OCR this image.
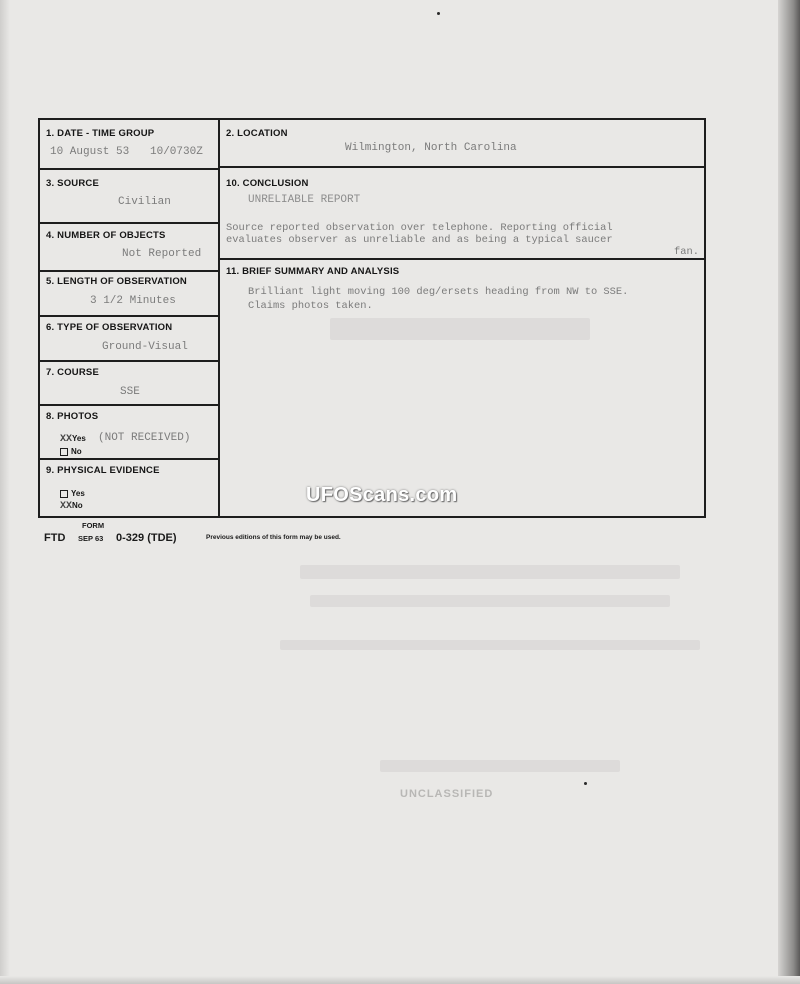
1. DATE - TIME GROUP
10 August 53 10/0730Z
2. LOCATION
Wilmington, North Carolina
3. SOURCE
Civilian
4. NUMBER OF OBJECTS
Not Reported
5. LENGTH OF OBSERVATION
3 1/2 Minutes
6. TYPE OF OBSERVATION
Ground-Visual
7. COURSE
SSE
8. PHOTOS
XXYes (NOT RECEIVED)
No
9. PHYSICAL EVIDENCE
Yes
XXNo
10. CONCLUSION
UNRELIABLE REPORT
Source reported observation over telephone. Reporting official
evaluates observer as unreliable and as being a typical saucer
fan.
11. BRIEF SUMMARY AND ANALYSIS
Brilliant light moving 100 deg/ersets heading from NW to SSE.
Claims photos taken.
UFOScans.com
FORM
FTD SEP 63 0-329 (TDE)	Previous editions of this form may be used.
UNCLASSIFIED
